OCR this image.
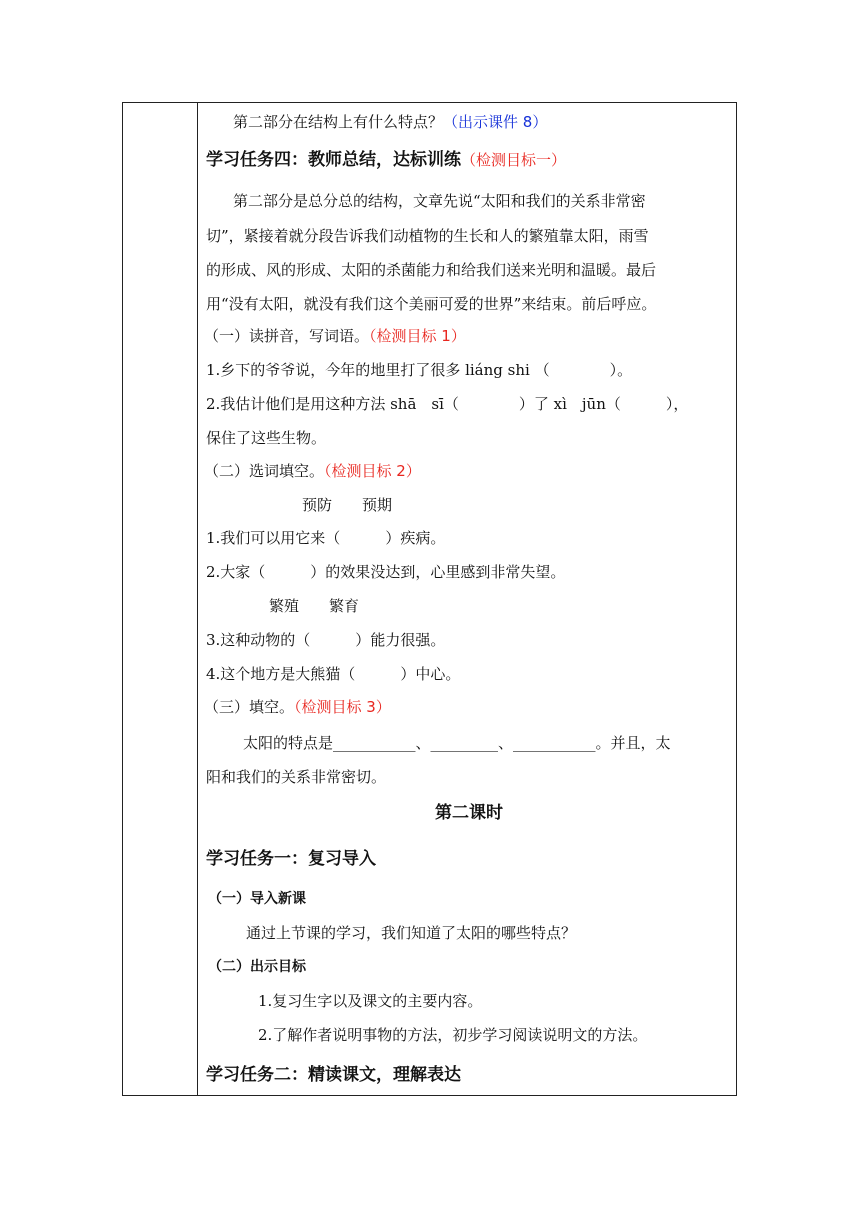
第二部分在结构上有什么特点？（出示课件 8）
学习任务四：教师总结，达标训练（检测目标一）
第二部分是总分总的结构，文章先说“太阳和我们的关系非常密
切”，紧接着就分段告诉我们动植物的生长和人的繁殖靠太阳，雨雪
的形成、风的形成、太阳的杀菌能力和给我们送来光明和温暖。最后
用“没有太阳，就没有我们这个美丽可爱的世界”来结束。前后呼应。
（一）读拼音，写词语。（检测目标 1）
1.乡下的爷爷说，今年的地里打了很多 liáng shi （　　　　）。
2.我估计他们是用这种方法 shā　sī（　　　　）了 xì　jūn（　　　），
保住了这些生物。
（二）选词填空。（检测目标 2）
预防　　预期
1.我们可以用它来（　　　）疾病。
2.大家（　　　）的效果没达到，心里感到非常失望。
繁殖　　繁育
3.这种动物的（　　　）能力很强。
4.这个地方是大熊猫（　　　）中心。
（三）填空。（检测目标 3）
太阳的特点是___________、_________、___________。并且，太
阳和我们的关系非常密切。
第二课时
学习任务一：复习导入
（一）导入新课
通过上节课的学习，我们知道了太阳的哪些特点？
（二）出示目标
1.复习生字以及课文的主要内容。
2.了解作者说明事物的方法，初步学习阅读说明文的方法。
学习任务二：精读课文，理解表达
